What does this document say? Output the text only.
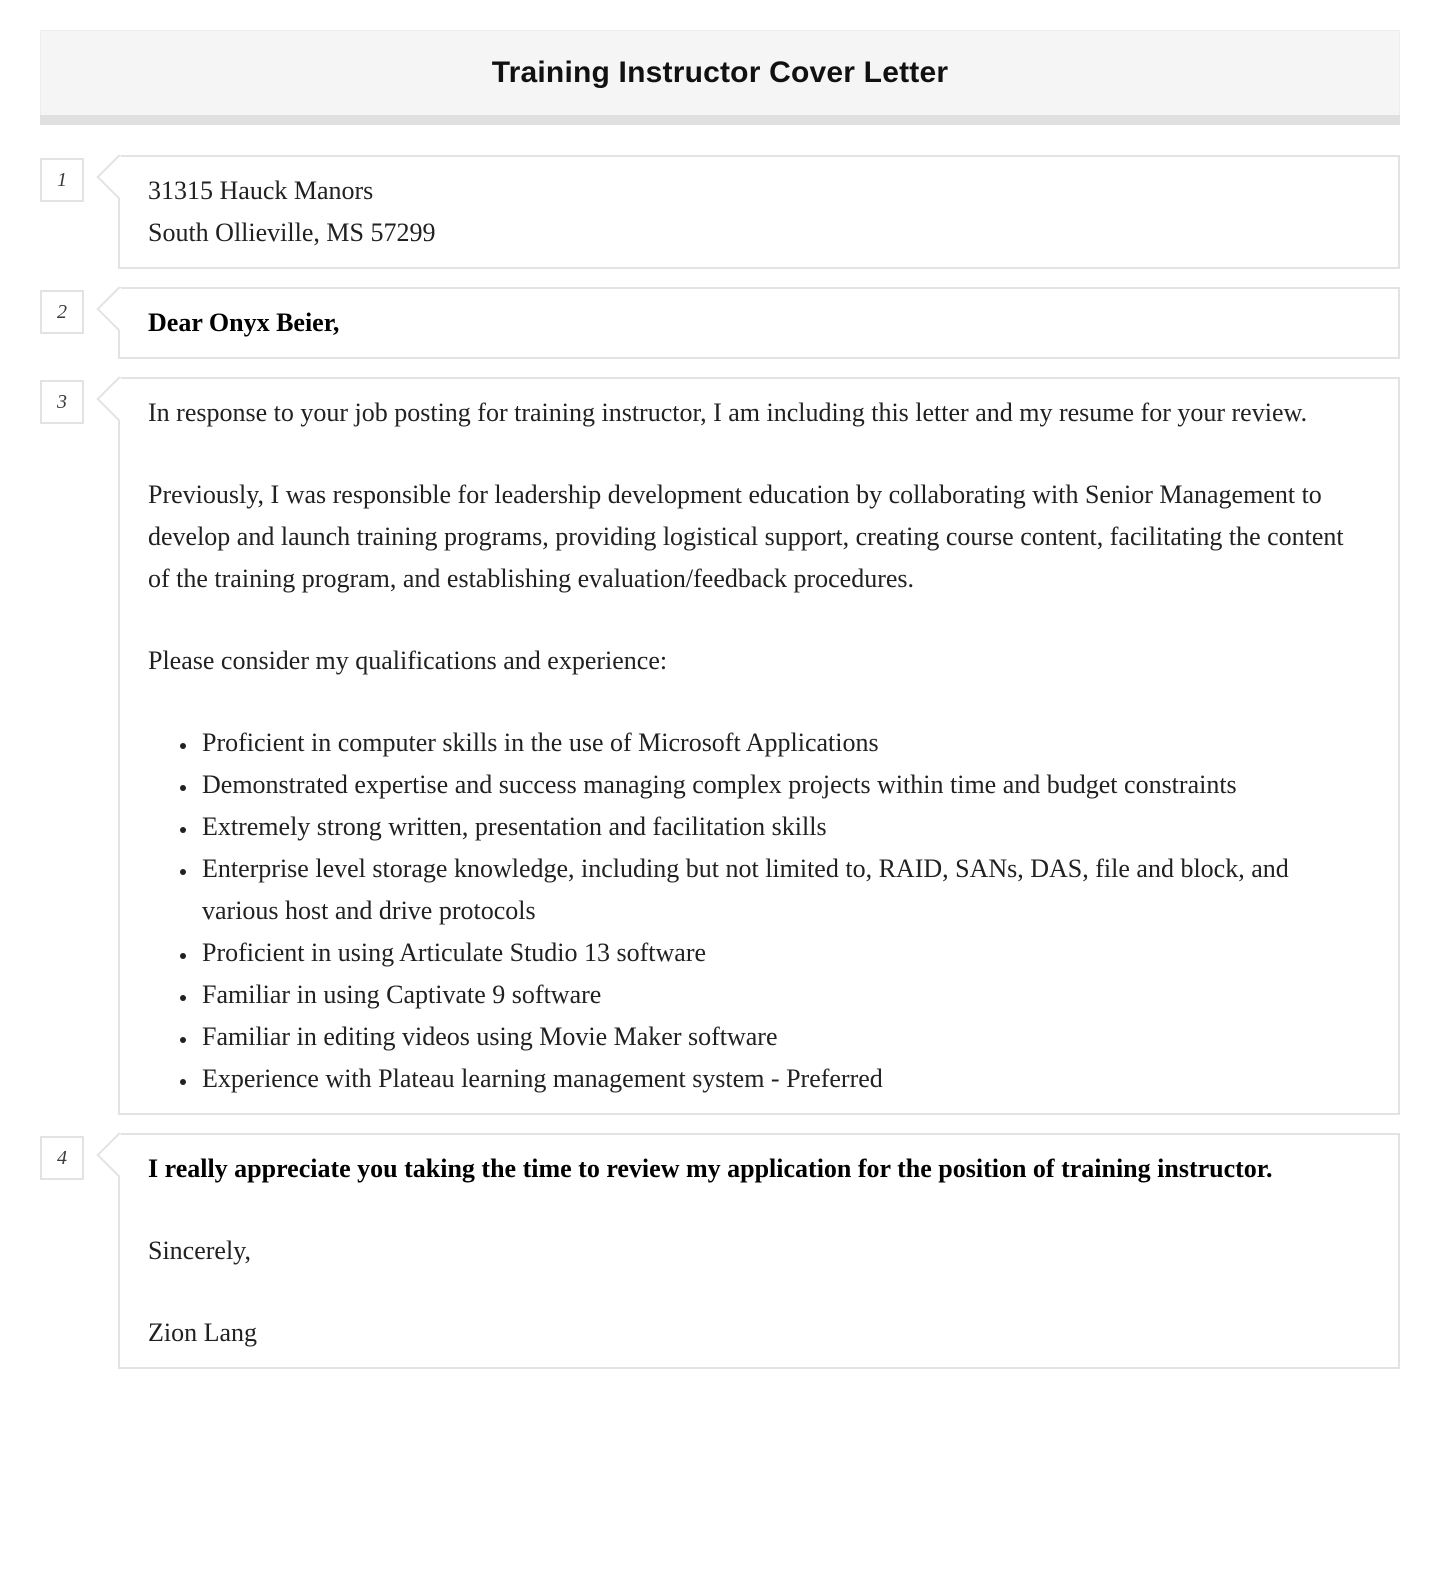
Training Instructor Cover Letter
1	31315 Hauck Manors
South Ollieville, MS 57299

2	Dear Onyx Beier,

3	In response to your job posting for training instructor, I am including this letter and my resume for your review.

Previously, I was responsible for leadership development education by collaborating with Senior Management to develop and launch training programs, providing logistical support, creating course content, facilitating the content of the training program, and establishing evaluation/feedback procedures.

Please consider my qualifications and experience:

• Proficient in computer skills in the use of Microsoft Applications
• Demonstrated expertise and success managing complex projects within time and budget constraints
• Extremely strong written, presentation and facilitation skills
• Enterprise level storage knowledge, including but not limited to, RAID, SANs, DAS, file and block, and various host and drive protocols
• Proficient in using Articulate Studio 13 software
• Familiar in using Captivate 9 software
• Familiar in editing videos using Movie Maker software
• Experience with Plateau learning management system - Preferred
4	I really appreciate you taking the time to review my application for the position of training instructor.

Sincerely,

Zion Lang
